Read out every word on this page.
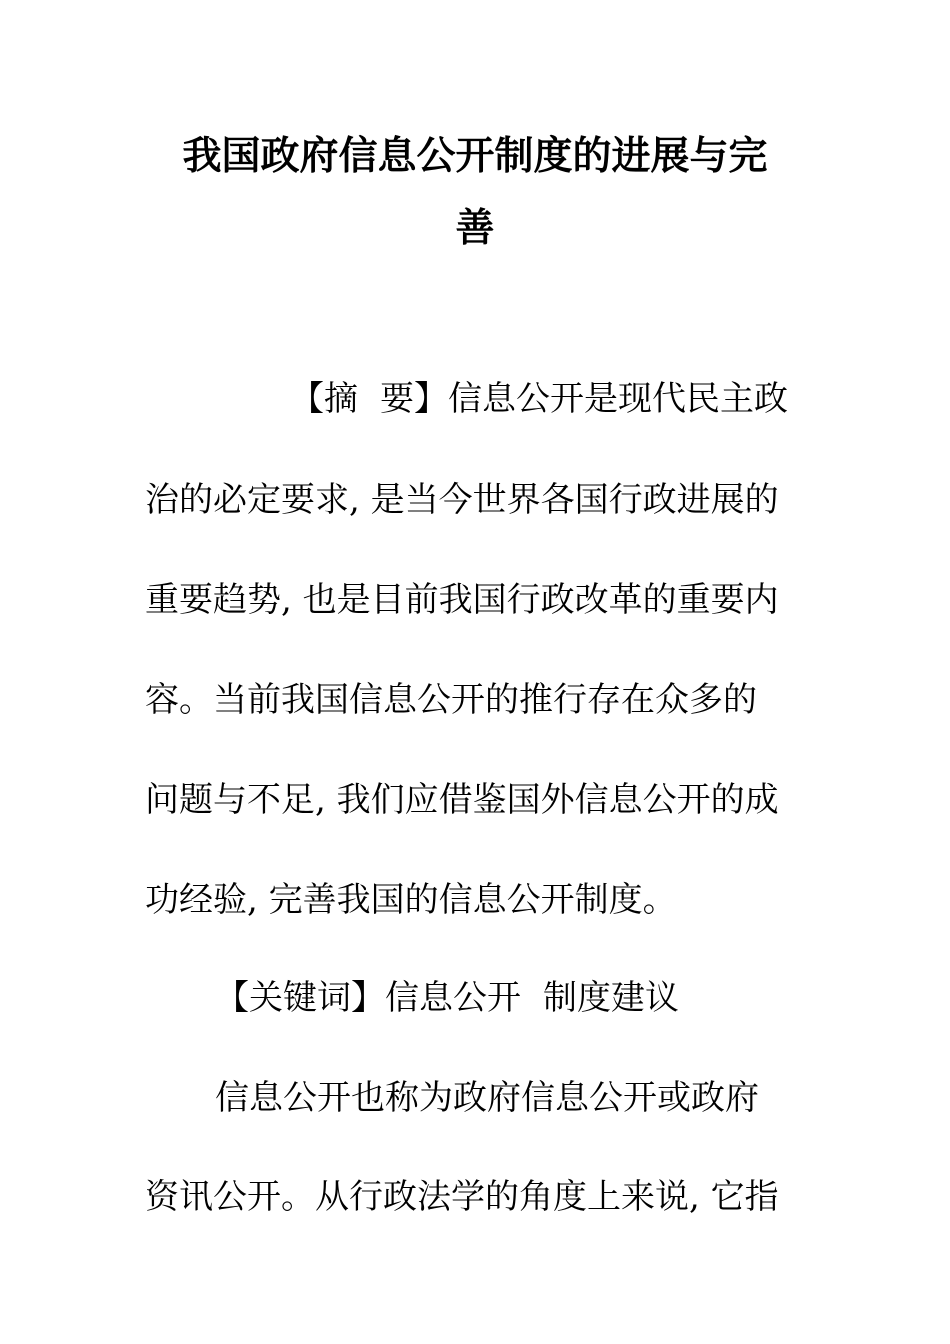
我国政府信息公开制度的进展与完
善
【摘 要】信息公开是现代民主政
治的必定要求, 是当今世界各国行政进展的
重要趋势, 也是目前我国行政改革的重要内
容。当前我国信息公开的推行存在众多的
问题与不足, 我们应借鉴国外信息公开的成
功经验, 完善我国的信息公开制度。
【关键词】信息公开 制度建议
信息公开也称为政府信息公开或政府
资讯公开。从行政法学的角度上来说, 它指
